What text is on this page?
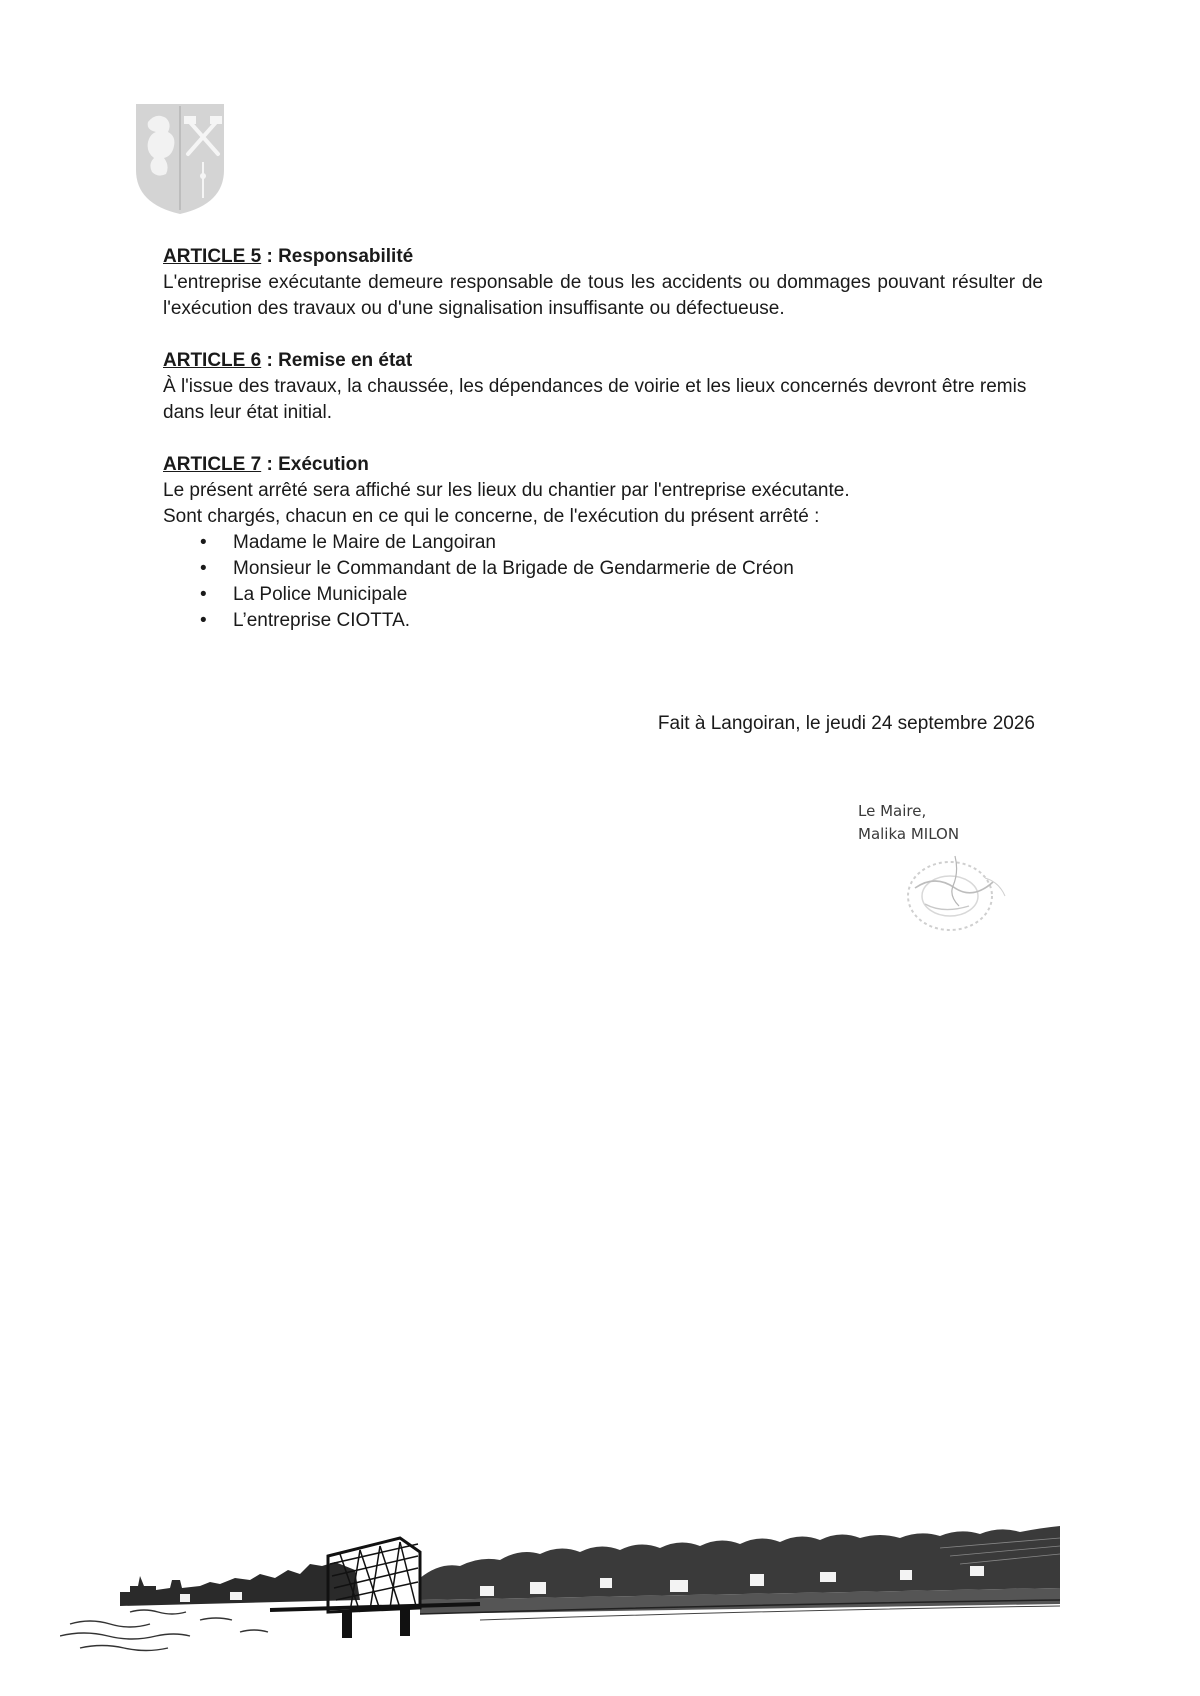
ARTICLE 5 : Responsabilité
L'entreprise exécutante demeure responsable de tous les accidents ou dommages pouvant résulter de l'exécution des travaux ou d'une signalisation insuffisante ou défectueuse.
ARTICLE 6 : Remise en état
À l'issue des travaux, la chaussée, les dépendances de voirie et les lieux concernés devront être remis dans leur état initial.
ARTICLE 7 : Exécution
Le présent arrêté sera affiché sur les lieux du chantier par l'entreprise exécutante.
Sont chargés, chacun en ce qui le concerne, de l'exécution du présent arrêté :
• Madame le Maire de Langoiran
• Monsieur le Commandant de la Brigade de Gendarmerie de Créon
• La Police Municipale
• L’entreprise CIOTTA.
Fait à Langoiran, le jeudi 24 septembre 2026
Le Maire,
Malika MILON
